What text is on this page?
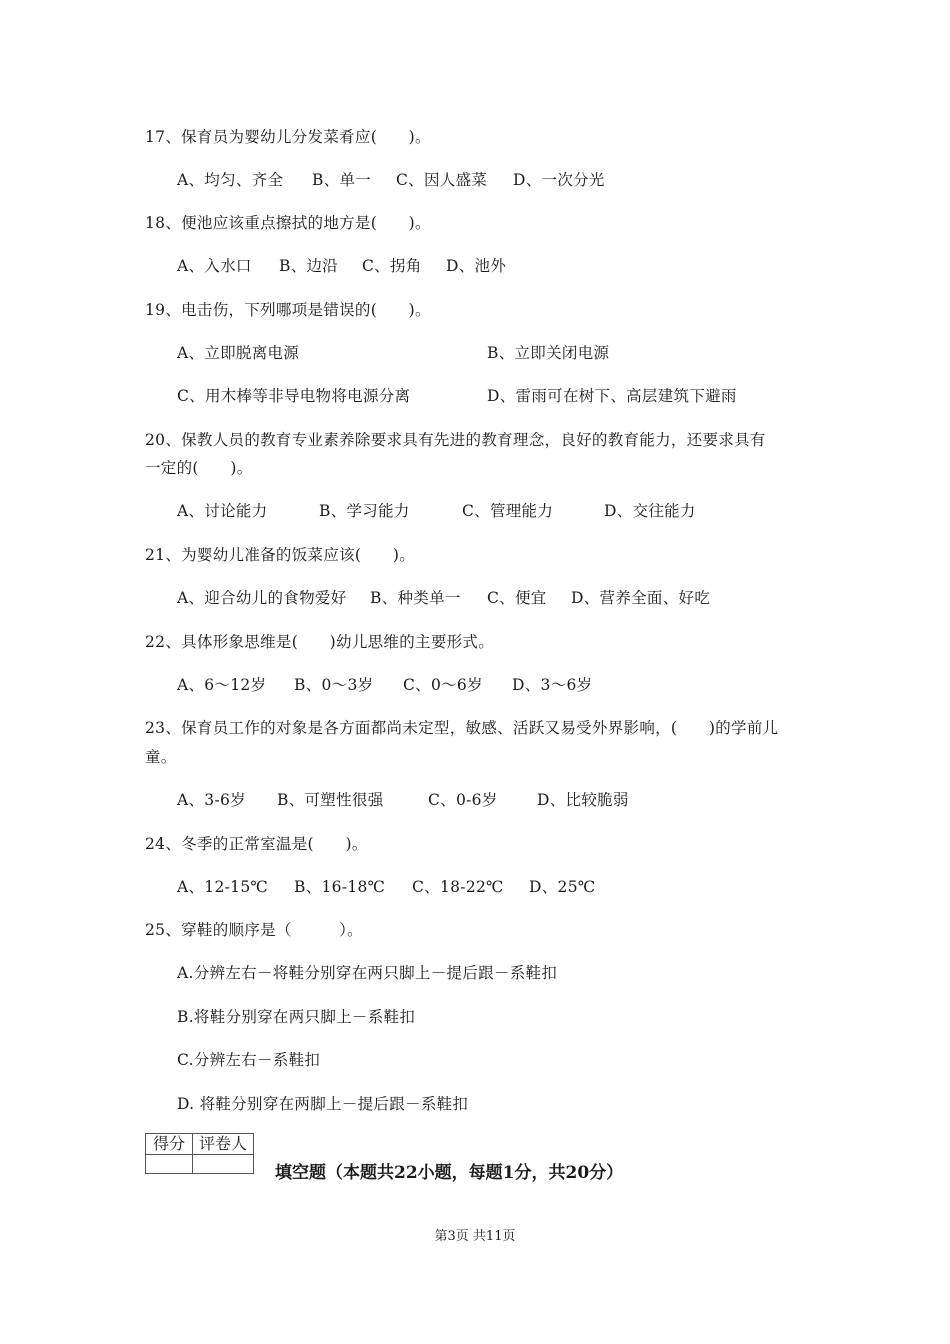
17、保育员为婴幼儿分发菜肴应(　　)。
A、均匀、齐全 B、单一 C、因人盛菜 D、一次分光
18、便池应该重点擦拭的地方是(　　)。
A、入水口 B、边沿 C、拐角 D、池外
19、电击伤，下列哪项是错误的(　　)。
A、立即脱离电源	B、立即关闭电源
C、用木棒等非导电物将电源分离	D、雷雨可在树下、高层建筑下避雨
20、保教人员的教育专业素养除要求具有先进的教育理念，良好的教育能力，还要求具有
一定的(　　)。
A、讨论能力	B、学习能力	C、管理能力	D、交往能力
21、为婴幼儿准备的饭菜应该(　　)。
A、迎合幼儿的食物爱好 B、种类单一 C、便宜 D、营养全面、好吃
22、具体形象思维是(　　)幼儿思维的主要形式。
A、6～12岁 B、0～3岁 C、0～6岁 D、3～6岁
23、保育员工作的对象是各方面都尚未定型，敏感、活跃又易受外界影响，(　　)的学前儿
童。
A、3-6岁 B、可塑性很强	C、0-6岁	D、比较脆弱
24、冬季的正常室温是(　　)。
A、12-15℃ B、16-18℃ C、18-22℃ D、25℃
25、穿鞋的顺序是（　　　）。
A.分辨左右－将鞋分别穿在两只脚上－提后跟－系鞋扣
B.将鞋分别穿在两只脚上－系鞋扣
C.分辨左右－系鞋扣
D. 将鞋分别穿在两脚上－提后跟－系鞋扣
得分	评卷人

填空题（本题共22小题，每题1分，共20分）
第3页 共11页
